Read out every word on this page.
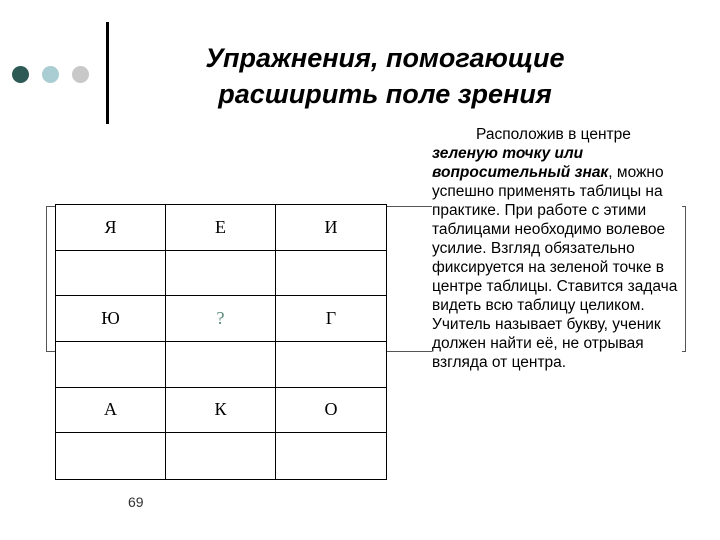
Упражнения, помогающие
расширить поле зрения
Я	Е	И
Ю	?	Г
А	К	О
69
Расположив в центре зеленую точку или вопросительный знак, можно успешно применять таблицы на практике. При работе с этими таблицами необходимо волевое усилие. Взгляд обязательно фиксируется на зеленой точке в центре таблицы. Ставится задача видеть всю таблицу целиком. Учитель называет букву, ученик должен найти её, не отрывая взгляда от центра.
